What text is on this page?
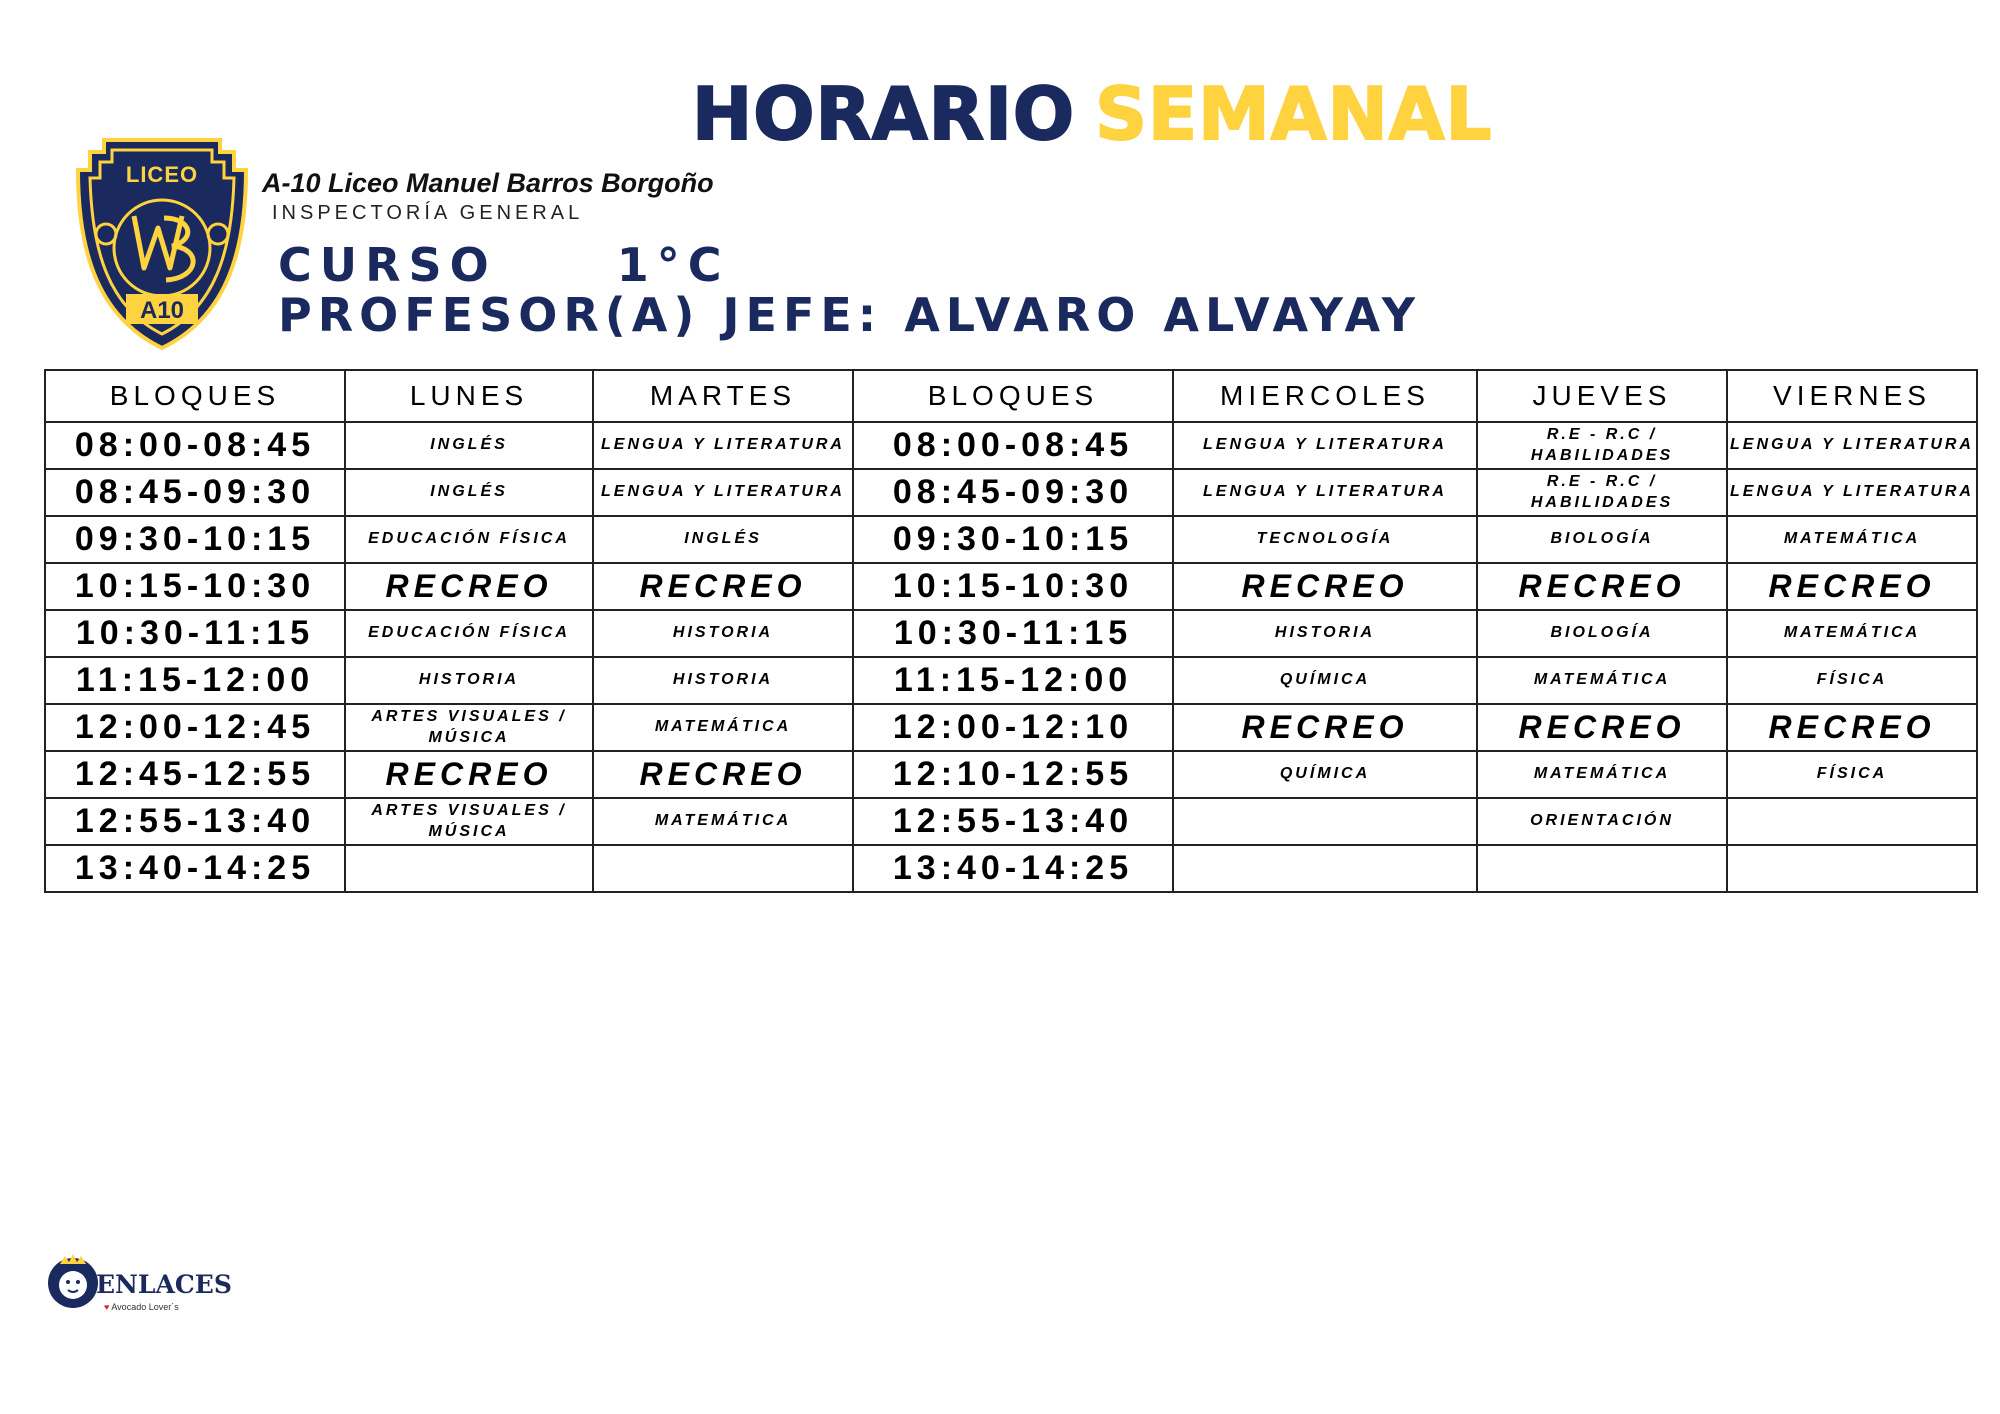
HORARIO SEMANAL
LICEO
A10
A-10 Liceo Manuel Barros Borgoño
INSPECTORÍA GENERAL
CURSO	1°C
PROFESOR(A) JEFE: ALVARO ALVAYAY
BLOQUES	LUNES	MARTES	BLOQUES	MIERCOLES	JUEVES	VIERNES
08:00-08:45	INGLÉS	LENGUA Y LITERATURA	08:00-08:45	LENGUA Y LITERATURA	R.E - R.C / HABILIDADES	LENGUA Y LITERATURA
08:45-09:30	INGLÉS	LENGUA Y LITERATURA	08:45-09:30	LENGUA Y LITERATURA	R.E - R.C / HABILIDADES	LENGUA Y LITERATURA
09:30-10:15	EDUCACIÓN FÍSICA	INGLÉS	09:30-10:15	TECNOLOGÍA	BIOLOGÍA	MATEMÁTICA
10:15-10:30	RECREO	RECREO	10:15-10:30	RECREO	RECREO	RECREO
10:30-11:15	EDUCACIÓN FÍSICA	HISTORIA	10:30-11:15	HISTORIA	BIOLOGÍA	MATEMÁTICA
11:15-12:00	HISTORIA	HISTORIA	11:15-12:00	QUÍMICA	MATEMÁTICA	FÍSICA
12:00-12:45	ARTES VISUALES / MÚSICA	MATEMÁTICA	12:00-12:10	RECREO	RECREO	RECREO
12:45-12:55	RECREO	RECREO	12:10-12:55	QUÍMICA	MATEMÁTICA	FÍSICA
12:55-13:40	ARTES VISUALES / MÚSICA	MATEMÁTICA	12:55-13:40		ORIENTACIÓN	
13:40-14:25			13:40-14:25			
ENLACES
♥ Avocado Lover´s
